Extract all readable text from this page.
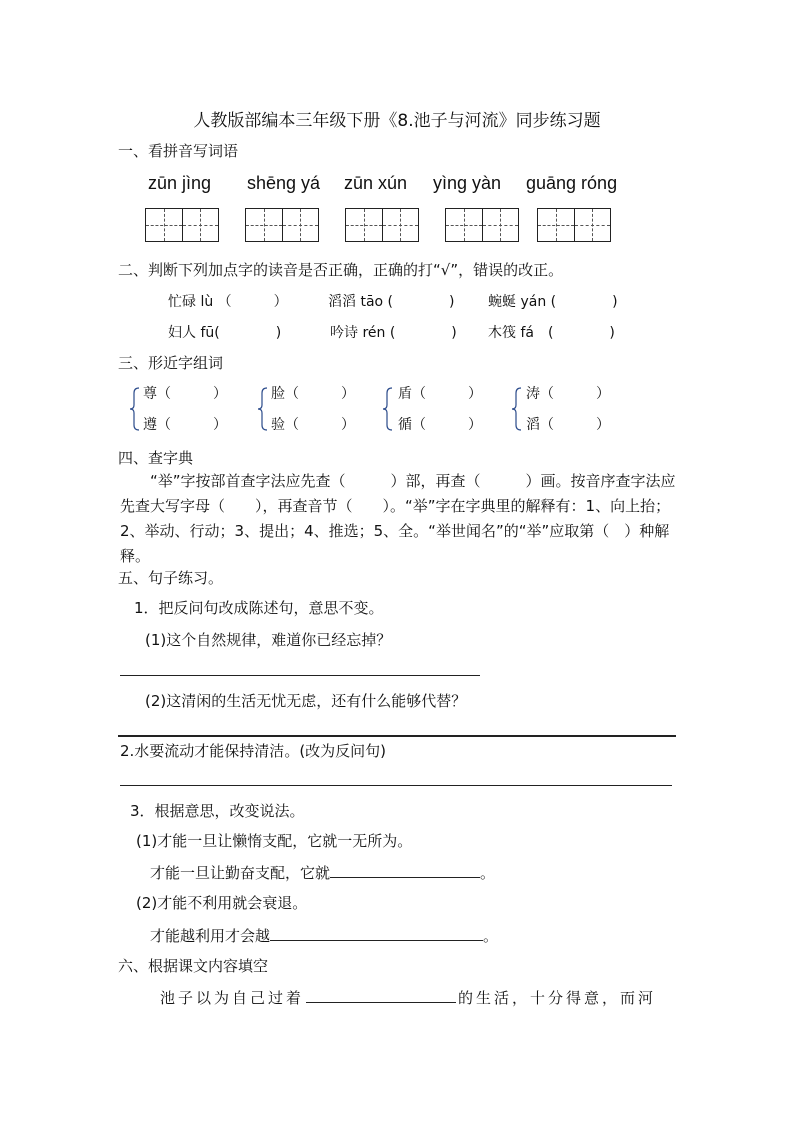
人教版部编本三年级下册《8.池子与河流》同步练习题
一、看拼音写词语
zūn jìng shēng yá zūn xún yìng yàn guāng róng
二、判断下列加点字的读音是否正确，正确的打“√”，错误的改正。
忙碌 lù （　　　）	滔滔 tāo (　　　　) 蜿蜒 yán (　　　　)
妇人 fū(　　　　)	吟诗 rén (　　　　) 木筏 fá　(　　　　)
三、形近字组词
尊（　　　）
遵（　　　）
脸（　　　）
验（　　　）
盾（　　　）
循（　　　）
涛（　　　）
滔（　　　）
四、查字典
“举”字按部首查字法应先查（　　　）部，再查（　　　）画。按音序查字法应先查大写字母（　　），再查音节（　　）。“举”字在字典里的解释有：1、向上抬；2、举动、行动；3、提出；4、推选；5、全。“举世闻名”的“举”应取第（　）种解释。
五、句子练习。
1．把反问句改成陈述句，意思不变。
(1)这个自然规律，难道你已经忘掉？
(2)这清闲的生活无忧无虑，还有什么能够代替？
2.水要流动才能保持清洁。(改为反问句)
3．根据意思，改变说法。
(1)才能一旦让懒惰支配，它就一无所为。
才能一旦让勤奋支配，它就	。
(2)才能不利用就会衰退。
才能越利用才会越	。
六、根据课文内容填空
池子以为自己过着	的生活，十分得意，而河
